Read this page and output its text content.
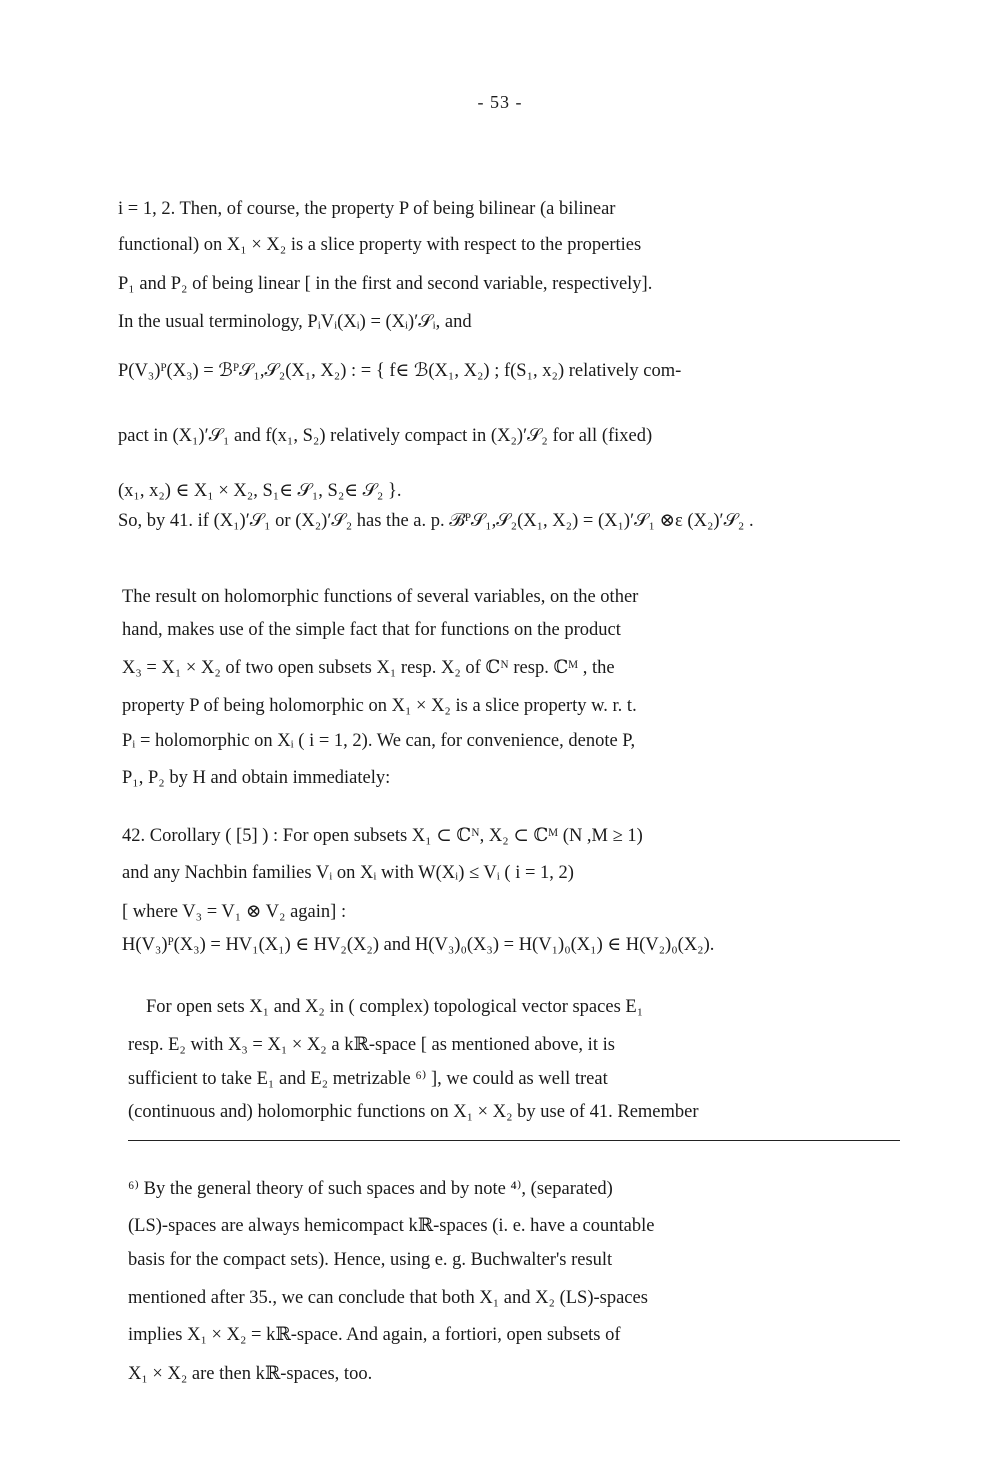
- 53 -
i = 1, 2. Then, of course, the property P of being bilinear (a bilinear
functional) on X₁ × X₂ is a slice property with respect to the properties
P₁ and P₂ of being linear [ in the first and second variable, respectively].
In the usual terminology, PᵢVᵢ(Xᵢ) = (Xᵢ)′𝒮ᵢ, and
P(V₃)ᴾ(X₃) = ℬᴾ𝒮₁,𝒮₂(X₁, X₂) : = { f∈ ℬ(X₁, X₂) ; f(S₁, x₂) relatively com-
pact in (X₁)′𝒮₁ and f(x₁, S₂) relatively compact in (X₂)′𝒮₂ for all (fixed)
(x₁, x₂) ∈ X₁ × X₂, S₁∈ 𝒮₁, S₂∈ 𝒮₂ }.
So, by 41. if (X₁)′𝒮₁ or (X₂)′𝒮₂ has the a. p. ℬᴾ𝒮₁,𝒮₂(X₁, X₂) = (X₁)′𝒮₁ ⊗ε (X₂)′𝒮₂ .
The result on holomorphic functions of several variables, on the other
hand, makes use of the simple fact that for functions on the product
X₃ = X₁ × X₂ of two open subsets X₁ resp. X₂ of ℂᴺ resp. ℂᴹ , the
property P of being holomorphic on X₁ × X₂ is a slice property w. r. t.
Pᵢ = holomorphic on Xᵢ ( i = 1, 2). We can, for convenience, denote P,
P₁, P₂ by H and obtain immediately:
42. Corollary ( [5] ) : For open subsets X₁ ⊂ ℂᴺ, X₂ ⊂ ℂᴹ (N ,M ≥ 1)
and any Nachbin families Vᵢ on Xᵢ with W(Xᵢ) ≤ Vᵢ ( i = 1, 2)
[ where V₃ = V₁ ⊗ V₂ again] :
H(V₃)ᴾ(X₃) = HV₁(X₁) ∈ HV₂(X₂) and H(V₃)₀(X₃) = H(V₁)₀(X₁) ∈ H(V₂)₀(X₂).
For open sets X₁ and X₂ in ( complex) topological vector spaces E₁
resp. E₂ with X₃ = X₁ × X₂ a kℝ-space [ as mentioned above, it is
sufficient to take E₁ and E₂ metrizable ⁶⁾ ], we could as well treat
(continuous and) holomorphic functions on X₁ × X₂ by use of 41. Remember
⁶⁾ By the general theory of such spaces and by note ⁴⁾, (separated)
(LS)-spaces are always hemicompact kℝ-spaces (i. e. have a countable
basis for the compact sets). Hence, using e. g. Buchwalter's result
mentioned after 35., we can conclude that both X₁ and X₂ (LS)-spaces
implies X₁ × X₂ = kℝ-space. And again, a fortiori, open subsets of
X₁ × X₂ are then kℝ-spaces, too.
